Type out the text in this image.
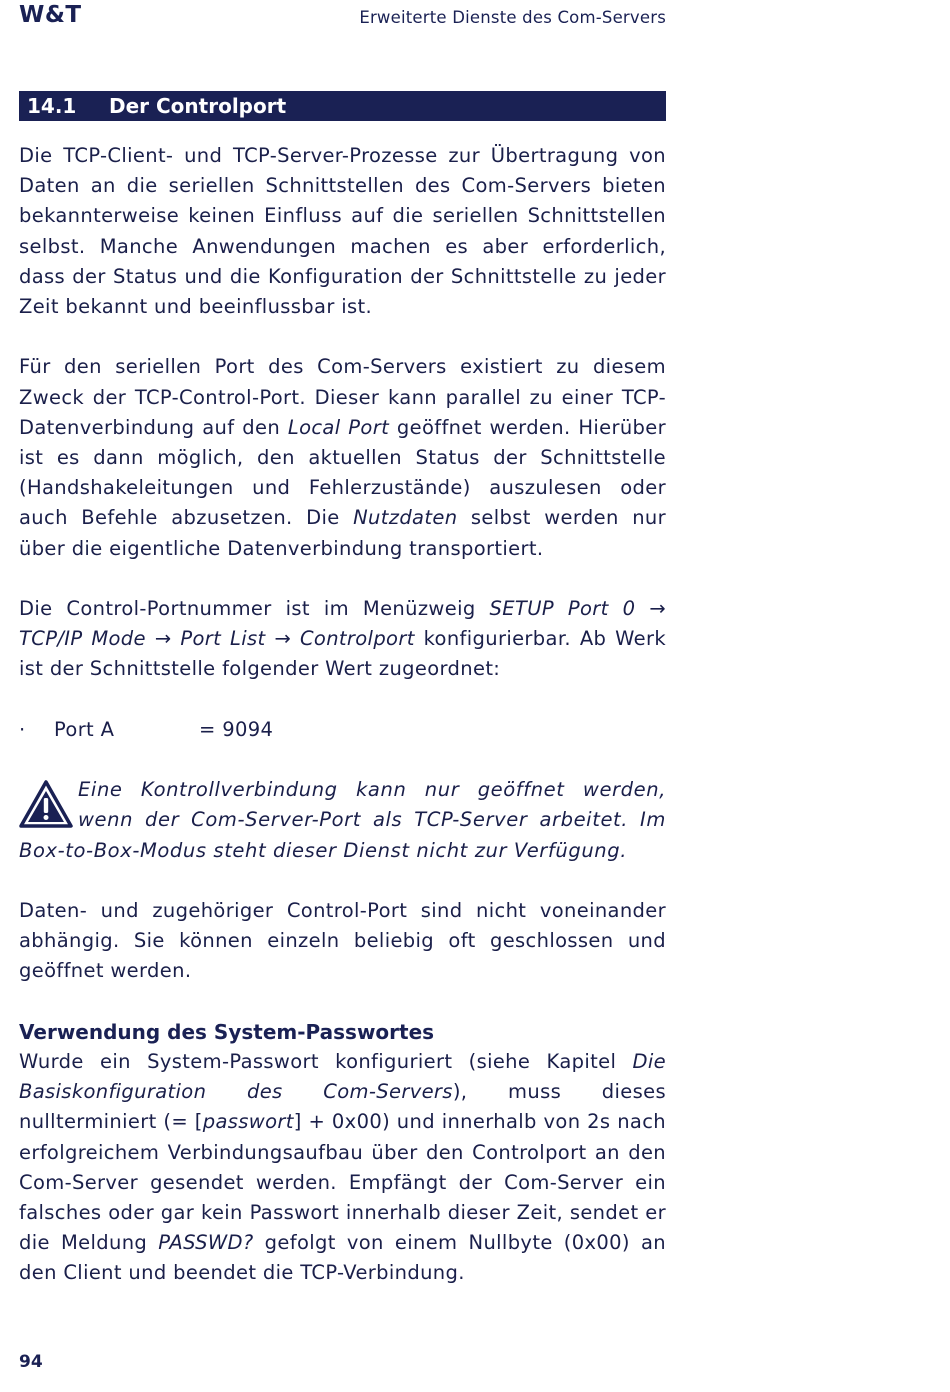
W&T	Erweiterte Dienste des Com-Servers
14.1 Der Controlport

Die TCP-Client- und TCP-Server-Prozesse zur Übertragung von Daten an die seriellen Schnittstellen des Com-Servers bieten bekannterweise keinen Einfluss auf die seriellen Schnittstellen selbst. Manche Anwendungen machen es aber erforderlich, dass der Status und die Konfiguration der Schnittstelle zu jeder Zeit bekannt und beeinflussbar ist.

Für den seriellen Port des Com-Servers existiert zu diesem Zweck der TCP-Control-Port. Dieser kann parallel zu einer TCP-Datenverbindung auf den Local Port geöffnet werden. Hierüber ist es dann möglich, den aktuellen Status der Schnittstelle (Handshakeleitungen und Fehlerzustände) auszulesen oder auch Befehle abzusetzen. Die Nutzdaten selbst werden nur über die eigentliche Datenverbindung transportiert.

Die Control-Portnummer ist im Menüzweig SETUP Port 0 → TCP/IP Mode → Port List → Controlport konfigurierbar. Ab Werk ist der Schnittstelle folgender Wert zugeordnet:

·	Port A	= 9094
Eine Kontrollverbindung kann nur geöffnet werden, wenn der Com-Server-Port als TCP-Server arbeitet. Im Box-to-Box-Modus steht dieser Dienst nicht zur Verfügung.

Daten- und zugehöriger Control-Port sind nicht voneinander abhängig. Sie können einzeln beliebig oft geschlossen und geöffnet werden.

Verwendung des System-Passwortes

Wurde ein System-Passwort konfiguriert (siehe Kapitel Die Basiskonfiguration des Com-Servers), muss dieses nullterminiert (= [passwort] + 0x00) und innerhalb von 2s nach erfolgreichem Verbindungsaufbau über den Controlport an den Com-Server gesendet werden. Empfängt der Com-Server ein falsches oder gar kein Passwort innerhalb dieser Zeit, sendet er die Meldung PASSWD? gefolgt von einem Nullbyte (0x00) an den Client und beendet die TCP-Verbindung.

94
